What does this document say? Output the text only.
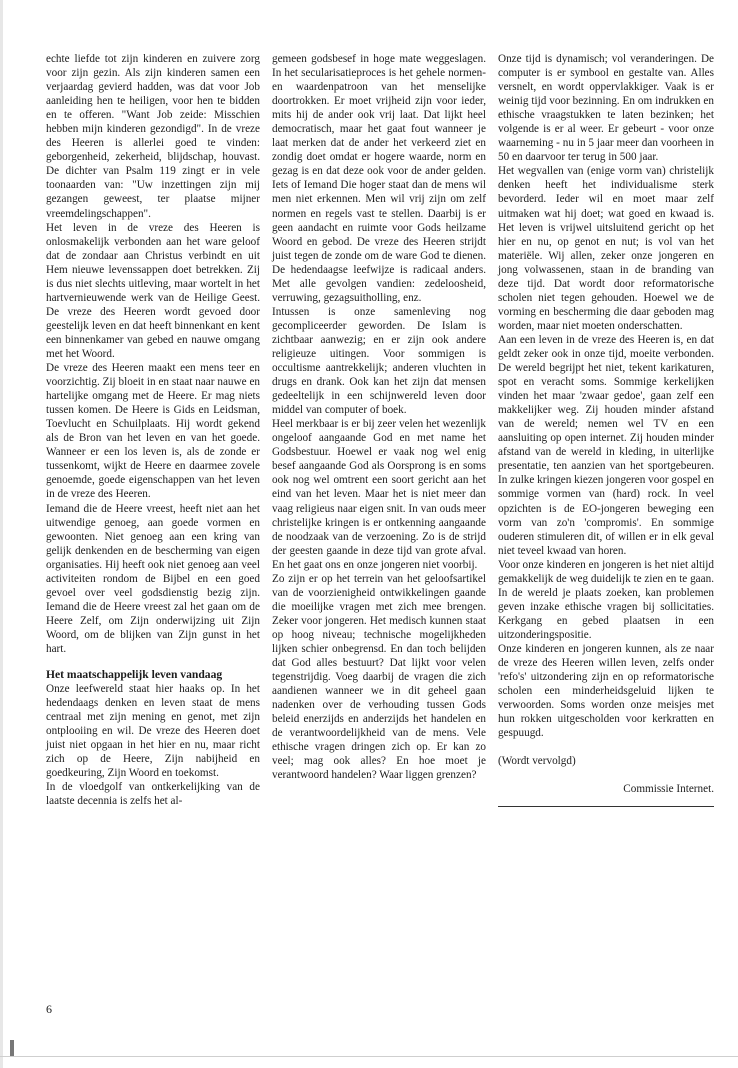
echte liefde tot zijn kinderen en zuivere zorg voor zijn gezin. Als zijn kinderen samen een verjaardag gevierd hadden, was dat voor Job aanleiding hen te heiligen, voor hen te bidden en te offeren. "Want Job zeide: Misschien hebben mijn kinderen gezondigd". In de vreze des Heeren is allerlei goed te vinden: geborgenheid, zekerheid, blijdschap, houvast. De dichter van Psalm 119 zingt er in vele toonaarden van: "Uw inzettingen zijn mij gezangen geweest, ter plaatse mijner vreemdelingschappen".

Het leven in de vreze des Heeren is onlosmakelijk verbonden aan het ware geloof dat de zondaar aan Christus verbindt en uit Hem nieuwe levenssappen doet betrekken. Zij is dus niet slechts uitleving, maar wortelt in het hartvernieuwende werk van de Heilige Geest. De vreze des Heeren wordt gevoed door geestelijk leven en dat heeft binnenkant en kent een binnenkamer van gebed en nauwe omgang met het Woord.

De vreze des Heeren maakt een mens teer en voorzichtig. Zij bloeit in en staat naar nauwe en hartelijke omgang met de Heere. Er mag niets tussen komen. De Heere is Gids en Leidsman, Toevlucht en Schuilplaats. Hij wordt gekend als de Bron van het leven en van het goede. Wanneer er een los leven is, als de zonde er tussenkomt, wijkt de Heere en daarmee zovele genoemde, goede eigenschappen van het leven in de vreze des Heeren.

Iemand die de Heere vreest, heeft niet aan het uitwendige genoeg, aan goede vormen en gewoonten. Niet genoeg aan een kring van gelijk denkenden en de bescherming van eigen organisaties. Hij heeft ook niet genoeg aan veel activiteiten rondom de Bijbel en een goed gevoel over veel godsdienstig bezig zijn. Iemand die de Heere vreest zal het gaan om de Heere Zelf, om Zijn onderwijzing uit Zijn Woord, om de blijken van Zijn gunst in het hart.

Het maatschappelijk leven vandaag

Onze leefwereld staat hier haaks op. In het hedendaags denken en leven staat de mens centraal met zijn mening en genot, met zijn ontplooiing en wil. De vreze des Heeren doet juist niet opgaan in het hier en nu, maar richt zich op de Heere, Zijn nabijheid en goedkeuring, Zijn Woord en toekomst.

In de vloedgolf van ontkerkelijking van de laatste decennia is zelfs het al-

gemeen godsbesef in hoge mate weggeslagen. In het secularisatieproces is het gehele normen- en waardenpatroon van het menselijke doortrokken. Er moet vrijheid zijn voor ieder, mits hij de ander ook vrij laat. Dat lijkt heel democratisch, maar het gaat fout wanneer je laat merken dat de ander het verkeerd ziet en zondig doet omdat er hogere waarde, norm en gezag is en dat deze ook voor de ander gelden. Iets of Iemand Die hoger staat dan de mens wil men niet erkennen. Men wil vrij zijn om zelf normen en regels vast te stellen. Daarbij is er geen aandacht en ruimte voor Gods heilzame Woord en gebod. De vreze des Heeren strijdt juist tegen de zonde om de ware God te dienen. De hedendaagse leefwijze is radicaal anders. Met alle gevolgen vandien: zedeloosheid, verruwing, gezagsuitholling, enz.

Intussen is onze samenleving nog gecompliceerder geworden. De Islam is zichtbaar aanwezig; en er zijn ook andere religieuze uitingen. Voor sommigen is occultisme aantrekkelijk; anderen vluchten in drugs en drank. Ook kan het zijn dat mensen gedeeltelijk in een schijnwereld leven door middel van computer of boek.

Heel merkbaar is er bij zeer velen het wezenlijk ongeloof aangaande God en met name het Godsbestuur. Hoewel er vaak nog wel enig besef aangaande God als Oorsprong is en soms ook nog wel omtrent een soort gericht aan het eind van het leven. Maar het is niet meer dan vaag religieus naar eigen snit. In van ouds meer christelijke kringen is er ontkenning aangaande de noodzaak van de verzoening. Zo is de strijd der geesten gaande in deze tijd van grote afval. En het gaat ons en onze jongeren niet voorbij.

Zo zijn er op het terrein van het geloofsartikel van de voorzienigheid ontwikkelingen gaande die moeilijke vragen met zich mee brengen. Zeker voor jongeren. Het medisch kunnen staat op hoog niveau; technische mogelijkheden lijken schier onbegrensd. En dan toch belijden dat God alles bestuurt? Dat lijkt voor velen tegenstrijdig. Voeg daarbij de vragen die zich aandienen wanneer we in dit geheel gaan nadenken over de verhouding tussen Gods beleid enerzijds en anderzijds het handelen en de verantwoordelijkheid van de mens. Vele ethische vragen dringen zich op. Er kan zo veel; mag ook alles? En hoe moet je verantwoord handelen? Waar liggen grenzen?

Onze tijd is dynamisch; vol veranderingen. De computer is er symbool en gestalte van. Alles versnelt, en wordt oppervlakkiger. Vaak is er weinig tijd voor bezinning. En om indrukken en ethische vraagstukken te laten bezinken; het volgende is er al weer. Er gebeurt - voor onze waarneming - nu in 5 jaar meer dan voorheen in 50 en daarvoor ter terug in 500 jaar.

Het wegvallen van (enige vorm van) christelijk denken heeft het individualisme sterk bevorderd. Ieder wil en moet maar zelf uitmaken wat hij doet; wat goed en kwaad is. Het leven is vrijwel uitsluitend gericht op het hier en nu, op genot en nut; is vol van het materiële. Wij allen, zeker onze jongeren en jong volwassenen, staan in de branding van deze tijd. Dat wordt door reformatorische scholen niet tegen gehouden. Hoewel we de vorming en bescherming die daar geboden mag worden, maar niet moeten onderschatten.

Aan een leven in de vreze des Heeren is, en dat geldt zeker ook in onze tijd, moeite verbonden. De wereld begrijpt het niet, tekent karikaturen, spot en veracht soms. Sommige kerkelijken vinden het maar 'zwaar gedoe', gaan zelf een makkelijker weg. Zij houden minder afstand van de wereld; nemen wel TV en een aansluiting op open internet. Zij houden minder afstand van de wereld in kleding, in uiterlijke presentatie, ten aanzien van het sportgebeuren. In zulke kringen kiezen jongeren voor gospel en sommige vormen van (hard) rock. In veel opzichten is de EO-jongeren beweging een vorm van zo'n 'compromis'. En sommige ouderen stimuleren dit, of willen er in elk geval niet teveel kwaad van horen.

Voor onze kinderen en jongeren is het niet altijd gemakkelijk de weg duidelijk te zien en te gaan. In de wereld je plaats zoeken, kan problemen geven inzake ethische vragen bij sollicitaties. Kerkgang en gebed plaatsen in een uitzonderingspositie.

Onze kinderen en jongeren kunnen, als ze naar de vreze des Heeren willen leven, zelfs onder 'refo's' uitzondering zijn en op reformatorische scholen een minderheidsgeluid lijken te verwoorden. Soms worden onze meisjes met hun rokken uitgescholden voor kerkratten en gespuugd.

(Wordt vervolgd)

Commissie Internet.

6
